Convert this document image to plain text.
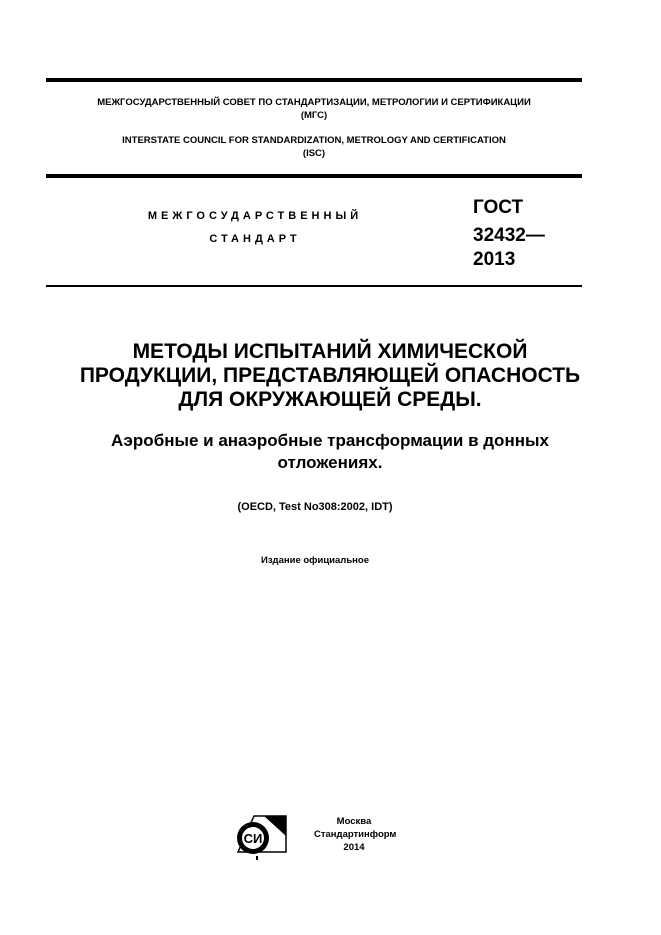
МЕЖГОСУДАРСТВЕННЫЙ СОВЕТ ПО СТАНДАРТИЗАЦИИ, МЕТРОЛОГИИ И СЕРТИФИКАЦИИ
(МГС)
INTERSTATE COUNCIL FOR STANDARDIZATION, METROLOGY AND CERTIFICATION
(ISC)
МЕЖГОСУДАРСТВЕННЫЙ
СТАНДАРТ
ГОСТ
32432—
2013
МЕТОДЫ ИСПЫТАНИЙ ХИМИЧЕСКОЙ
ПРОДУКЦИИ, ПРЕДСТАВЛЯЮЩЕЙ ОПАСНОСТЬ
ДЛЯ ОКРУЖАЮЩЕЙ СРЕДЫ.
Аэробные и анаэробные трансформации в донных
отложениях.
(OECD, Test No308:2002, IDT)
Издание официальное
СИ
Москва
Стандартинформ
2014
